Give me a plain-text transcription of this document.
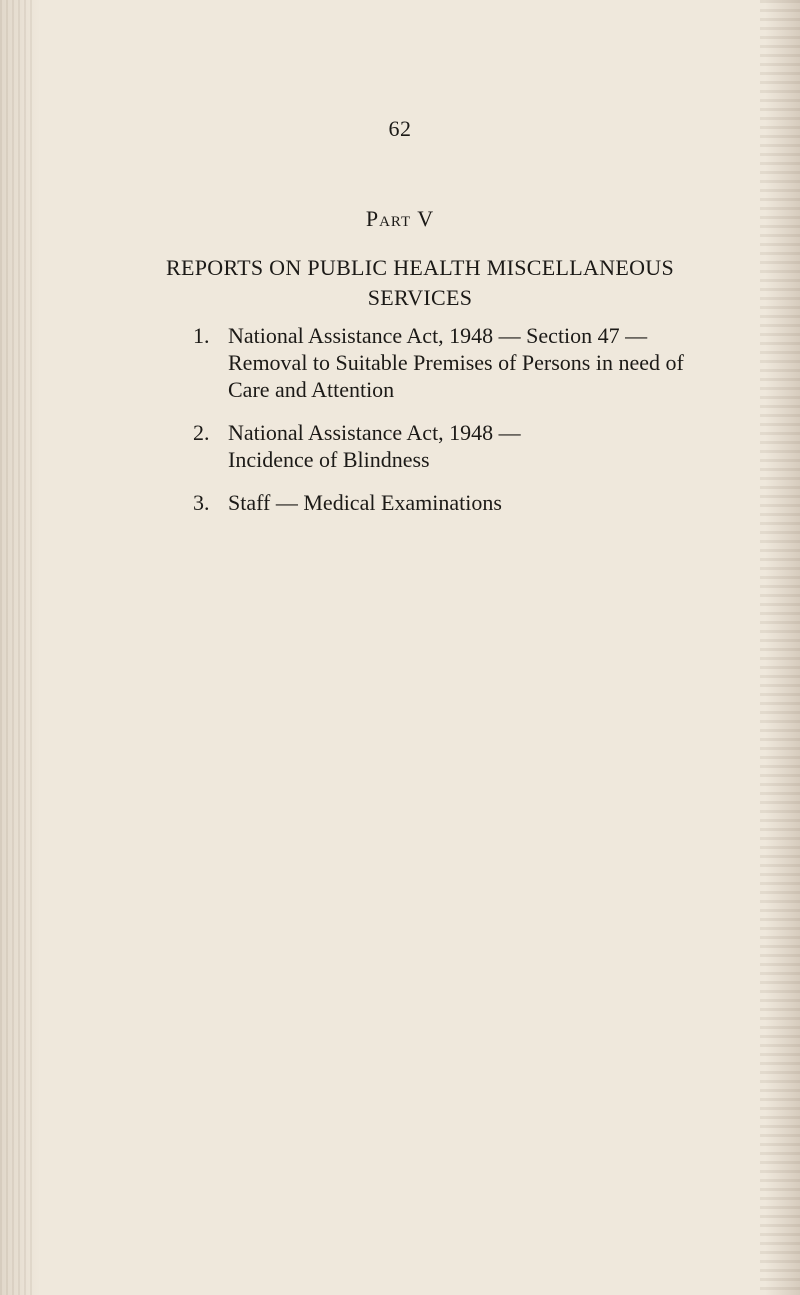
62
Part V
REPORTS ON PUBLIC HEALTH MISCELLANEOUS SERVICES
1. National Assistance Act, 1948 — Section 47 —
Removal to Suitable Premises of Persons in need of
Care and Attention
2. National Assistance Act, 1948 —
Incidence of Blindness
3. Staff — Medical Examinations
